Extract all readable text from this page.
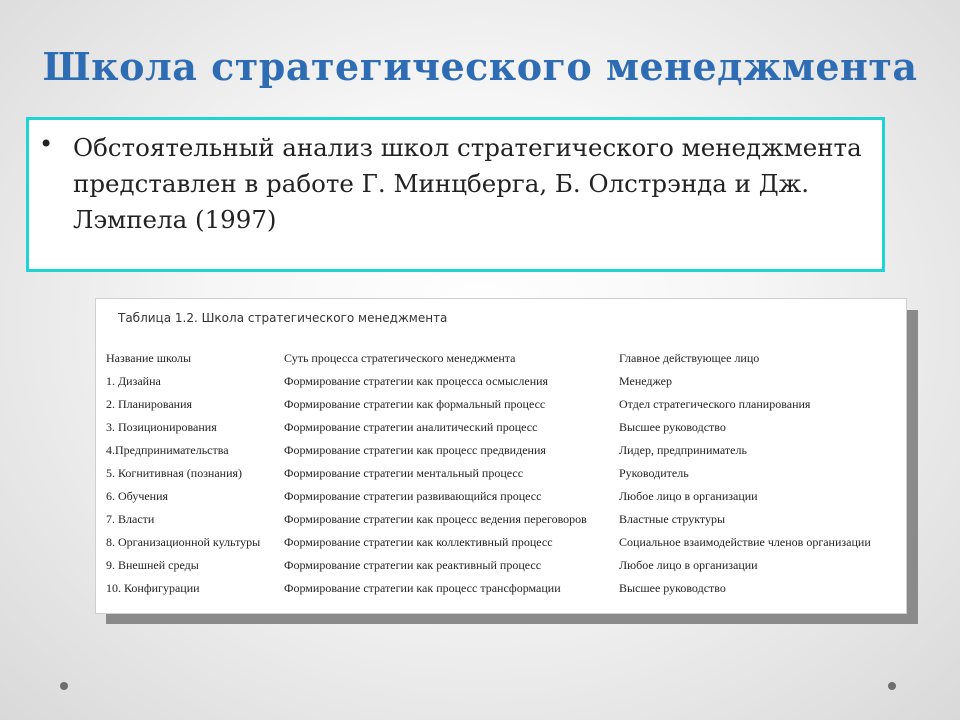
Школа стратегического менеджмента
• Обстоятельный анализ школ стратегического менеджмента представлен в работе Г. Минцберга, Б. Олстрэнда и Дж. Лэмпела (1997)
Таблица 1.2. Школа стратегического менеджмента
Название школы	Суть процесса стратегического менеджмента	Главное действующее лицо
1. Дизайна	Формирование стратегии как процесса осмысления	Менеджер
2. Планирования	Формирование стратегии как формальный процесс	Отдел стратегического планирования
3. Позиционирования	Формирование стратегии аналитический процесс	Высшее руководство
4.Предпринимательства	Формирование стратегии как процесс предвидения	Лидер, предприниматель
5. Когнитивная (познания)	Формирование стратегии ментальный процесс	Руководитель
6. Обучения	Формирование стратегии развивающийся процесс	Любое лицо в организации
7. Власти	Формирование стратегии как процесс ведения переговоров	Властные структуры
8. Организационной культуры	Формирование стратегии как коллективный процесс	Социальное взаимодействие членов организации
9. Внешней среды	Формирование стратегии как реактивный процесс	Любое лицо в организации
10. Конфигурации	Формирование стратегии как процесс трансформации	Высшее руководство
